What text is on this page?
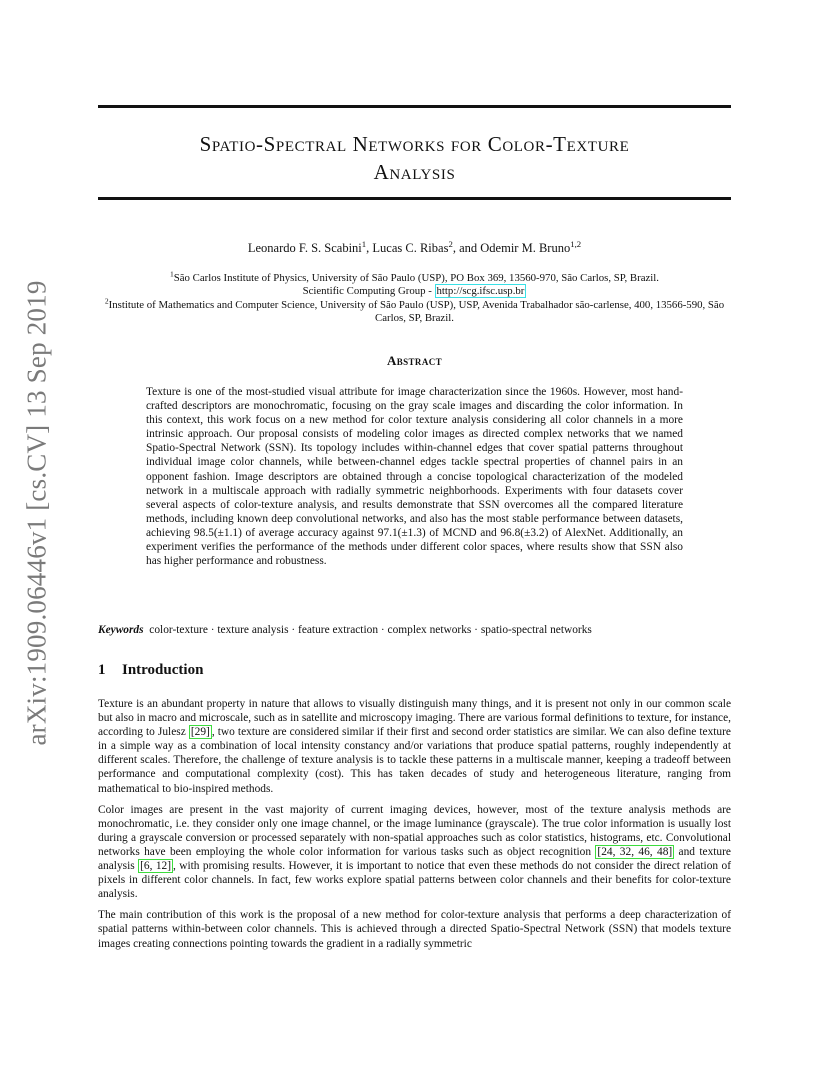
arXiv:1909.06446v1 [cs.CV] 13 Sep 2019
Spatio-Spectral Networks for Color-Texture
Analysis
Leonardo F. S. Scabini$^1$, Lucas C. Ribas$^2$, and Odemir M. Bruno$^{1,2}$
$^1$São Carlos Institute of Physics, University of São Paulo (USP), PO Box 369, 13560-970, São Carlos, SP, Brazil.
Scientific Computing Group - http://scg.ifsc.usp.br
$^2$Institute of Mathematics and Computer Science, University of São Paulo (USP), USP, Avenida Trabalhador são-carlense, 400, 13566-590, São Carlos, SP, Brazil.
Abstract
Texture is one of the most-studied visual attribute for image characterization since the 1960s. However, most hand-crafted descriptors are monochromatic, focusing on the gray scale images and discarding the color information. In this context, this work focus on a new method for color texture analysis considering all color channels in a more intrinsic approach. Our proposal consists of modeling color images as directed complex networks that we named Spatio-Spectral Network (SSN). Its topology includes within-channel edges that cover spatial patterns throughout individual image color channels, while between-channel edges tackle spectral properties of channel pairs in an opponent fashion. Image descriptors are obtained through a concise topological characterization of the modeled network in a multiscale approach with radially symmetric neighborhoods. Experiments with four datasets cover several aspects of color-texture analysis, and results demonstrate that SSN overcomes all the compared literature methods, including known deep convolutional networks, and also has the most stable performance between datasets, achieving 98.5(±1.1) of average accuracy against 97.1(±1.3) of MCND and 96.8(±3.2) of AlexNet. Additionally, an experiment verifies the performance of the methods under different color spaces, where results show that SSN also has higher performance and robustness.
Keywords color-texture · texture analysis · feature extraction · complex networks · spatio-spectral networks
1 Introduction

Texture is an abundant property in nature that allows to visually distinguish many things, and it is present not only in our common scale but also in macro and microscale, such as in satellite and microscopy imaging. There are various formal definitions to texture, for instance, according to Julesz [29] , two texture are considered similar if their first and second order statistics are similar. We can also define texture in a simple way as a combination of local intensity constancy and/or variations that produce spatial patterns, roughly independently at different scales. Therefore, the challenge of texture analysis is to tackle these patterns in a multiscale manner, keeping a tradeoff between performance and computational complexity (cost). This has taken decades of study and heterogeneous literature, ranging from mathematical to bio-inspired methods.

Color images are present in the vast majority of current imaging devices, however, most of the texture analysis methods are monochromatic, i.e. they consider only one image channel, or the image luminance (grayscale). The true color information is usually lost during a grayscale conversion or processed separately with non-spatial approaches such as color statistics, histograms, etc. Convolutional networks have been employing the whole color information for various tasks such as object recognition [24, 32, 46, 48] and texture analysis [6, 12] , with promising results. However, it is important to notice that even these methods do not consider the direct relation of pixels in different color channels. In fact, few works explore spatial patterns between color channels and their benefits for color-texture analysis.

The main contribution of this work is the proposal of a new method for color-texture analysis that performs a deep characterization of spatial patterns within-between color channels. This is achieved through a directed Spatio-Spectral Network (SSN) that models texture images creating connections pointing towards the gradient in a radially symmetric
